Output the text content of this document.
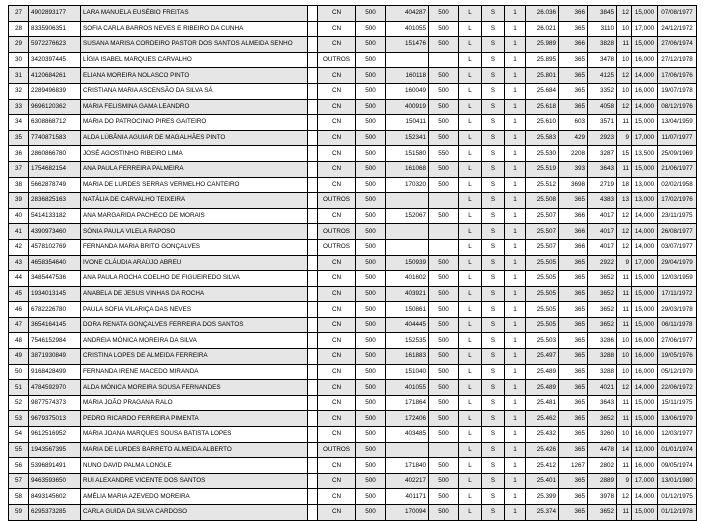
27	4902893177	LARA MANUELA EUSÉBIO FREITAS		CN	500	404287	500	L	S	1	26.036	366	3845	12	15,000	07/08/1977
28	8335906351	SOFIA CARLA BARROS NEVES E RIBEIRO DA CUNHA		CN	500	401055	500	L	S	1	26.021	365	3110	10	17,000	24/12/1972
29	5972276623	SUSANA MARISA CORDEIRO PASTOR DOS SANTOS ALMEIDA SENHO		CN	500	151476	500	L	S	1	25.989	366	3828	11	15,000	27/06/1974
30	3420397445	LÍGIA ISABEL MARQUES CARVALHO		OUTROS	500			L	S	1	25.895	365	3478	10	16,000	27/12/1978
31	4120684261	ELIANA MOREIRA NOLASCO PINTO		CN	500	160118	500	L	S	1	25.801	365	4125	12	14,000	17/06/1976
32	2289496839	CRISTIANA MARIA ASCENSÃO DA SILVA SÁ		CN	500	160049	500	L	S	1	25.684	365	3352	10	16,000	19/07/1978
33	9696120362	MARIA FELISMINA GAMA LEANDRO		CN	500	400919	500	L	S	1	25.618	365	4058	12	14,000	08/12/1976
34	6308868712	MARIA DO PATROCINIO PIRES GAITEIRO		CN	500	150411	500	L	S	1	25.610	603	3571	11	15,000	13/04/1959
35	7740871583	ALDA LÚBÂNIA AGUIAR DE MAGALHÃES PINTO		CN	500	152341	500	L	S	1	25.583	429	2923	9	17,000	11/07/1977
36	2860866780	JOSÉ AGOSTINHO RIBEIRO LIMA		CN	500	151580	550	L	S	1	25.530	2208	3287	15	13,500	25/09/1969
37	1754682154	ANA PAULA FERREIRA PALMEIRA		CN	500	161068	500	L	S	1	25.519	393	3643	11	15,000	21/06/1977
38	5662878749	MARIA DE LURDES SERRAS VERMELHO CANTEIRO		CN	500	170320	500	L	S	1	25.512	3698	2719	18	13,000	02/02/1958
39	2836825163	NATÁLIA DE CARVALHO TEIXEIRA		OUTROS	500			L	S	1	25.508	365	4383	13	13,000	17/02/1976
40	5414133182	ANA MARGARIDA PACHECO DE MORAIS		CN	500	152067	500	L	S	1	25.507	366	4017	12	14,000	23/11/1975
41	4390973460	SÓNIA PAULA VILELA RAPOSO		OUTROS	500			L	S	1	25.507	366	4017	12	14,000	26/08/1977
42	4578102769	FERNANDA MARIA BRITO GONÇALVES		OUTROS	500			L	S	1	25.507	366	4017	12	14,000	03/07/1977
43	4658354640	IVONE CLÁUDIA ARAÚJO ABREU		CN	500	150939	500	L	S	1	25.505	365	2922	9	17,000	29/04/1979
44	3485447536	ANA PAULA ROCHA COELHO DE FIGUEIREDO SILVA		CN	500	401602	500	L	S	1	25.505	365	3652	11	15,000	12/03/1959
45	1934013145	ANABELA DE JESUS VINHAS DA ROCHA		CN	500	403921	500	L	S	1	25.505	365	3652	11	15,000	17/11/1972
46	6782226780	PAULA SOFIA VILARIÇA DAS NEVES		CN	500	150861	500	L	S	1	25.505	365	3652	11	15,000	29/03/1978
47	3654164145	DORA RENATA GONÇALVES FERREIRA DOS SANTOS		CN	500	404445	500	L	S	1	25.505	365	3652	11	15,000	06/11/1978
48	7546152984	ANDREIA MÓNICA MOREIRA DA SILVA		CN	500	152535	500	L	S	1	25.503	365	3286	10	16,000	27/06/1977
49	3871930849	CRISTINA LOPES DE ALMEIDA FERREIRA		CN	500	161883	500	L	S	1	25.497	365	3288	10	16,000	19/05/1976
50	9168428499	FERNANDA IRENE MACEDO MIRANDA		CN	500	151040	500	L	S	1	25.489	365	3288	10	16,000	05/12/1979
51	4784592970	ALDA MÓNICA MOREIRA SOUSA FERNANDES		CN	500	401055	500	L	S	1	25.489	365	4021	12	14,000	22/06/1972
52	9877574373	MARIA JOÃO PRAGANA RALO		CN	500	171864	500	L	S	1	25.481	365	3643	11	15,000	15/11/1975
53	9679375013	PEDRO RICARDO FERREIRA PIMENTA		CN	500	172406	500	L	S	1	25.462	365	3652	11	15,000	13/06/1979
54	9612516952	MARIA JOANA MARQUES SOUSA BATISTA LOPES		CN	500	403485	500	L	S	1	25.432	365	3260	10	16,000	12/03/1977
55	1943567395	MARIA DE LURDES BARRETO ALMEIDA ALBERTO		OUTROS	500			L	S	1	25.426	365	4478	14	12,000	01/01/1974
56	5396891491	NUNO DAVID PALMA LONGLE		CN	500	171840	500	L	S	1	25.412	1267	2802	11	16,000	09/05/1974
57	9463593650	RUI ALEXANDRE VICENTE DOS SANTOS		CN	500	402217	500	L	S	1	25.401	365	2889	9	17,000	13/01/1980
58	8493145602	AMÉLIA MARIA AZEVEDO MOREIRA		CN	500	401171	500	L	S	1	25.399	365	3978	12	14,000	01/12/1975
59	6295373285	CARLA GUIDA DA SILVA CARDOSO		CN	500	170094	500	L	S	1	25.374	365	3652	11	15,000	01/12/1978
